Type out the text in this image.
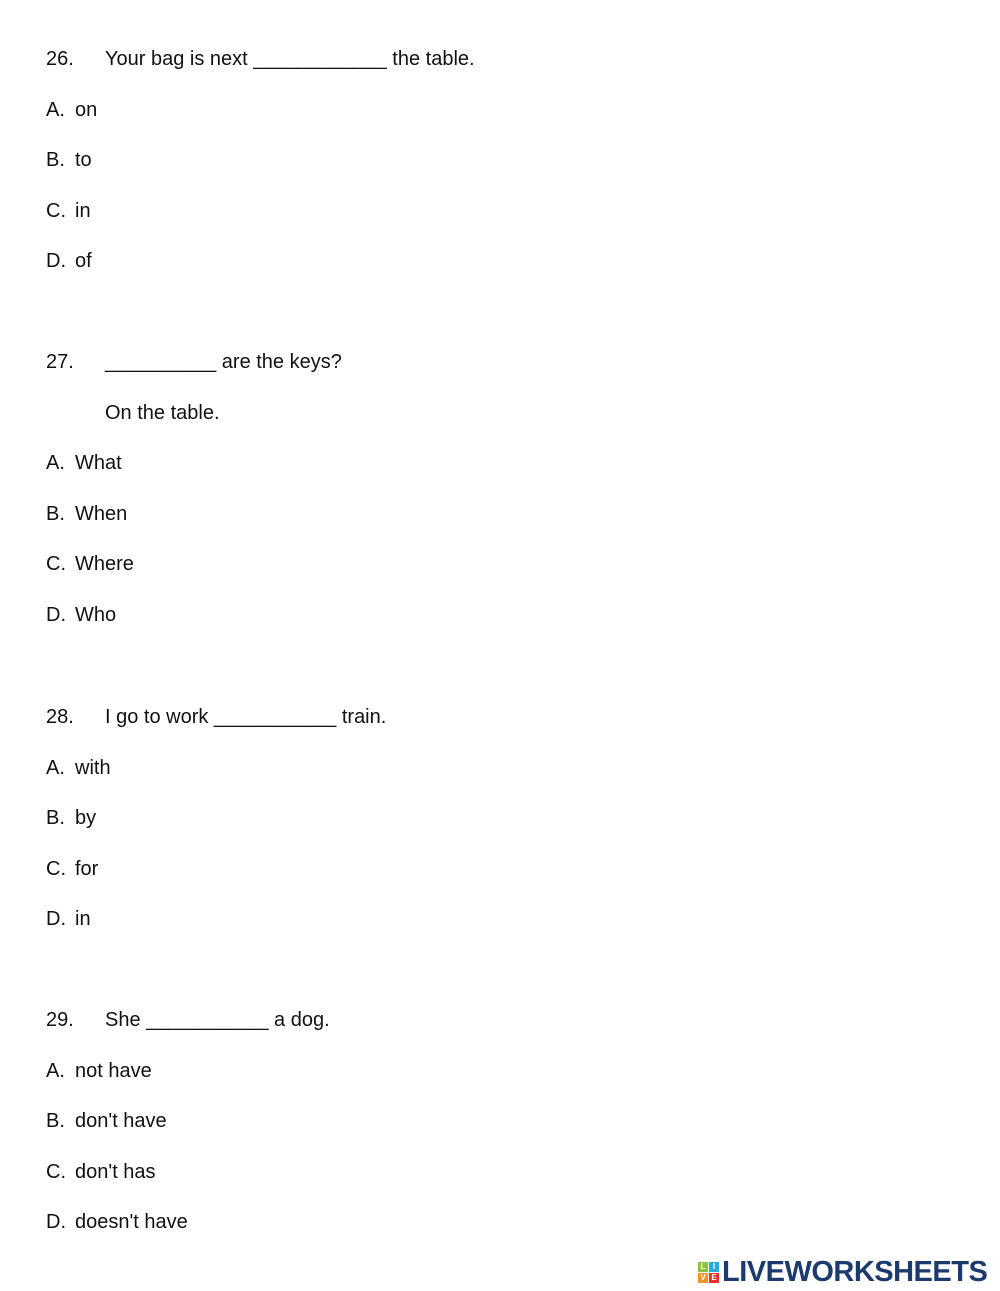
26. Your bag is next ____________ the table.
A. on
B. to
C. in
D. of
27. __________ are the keys?
On the table.
A. What
B. When
C. Where
D. Who
28. I go to work ___________ train.
A. with
B. by
C. for
D. in
29. She ___________ a dog.
A. not have
B. don't have
C. don't has
D. doesn't have
L I
V E LIVEWORKSHEETS
